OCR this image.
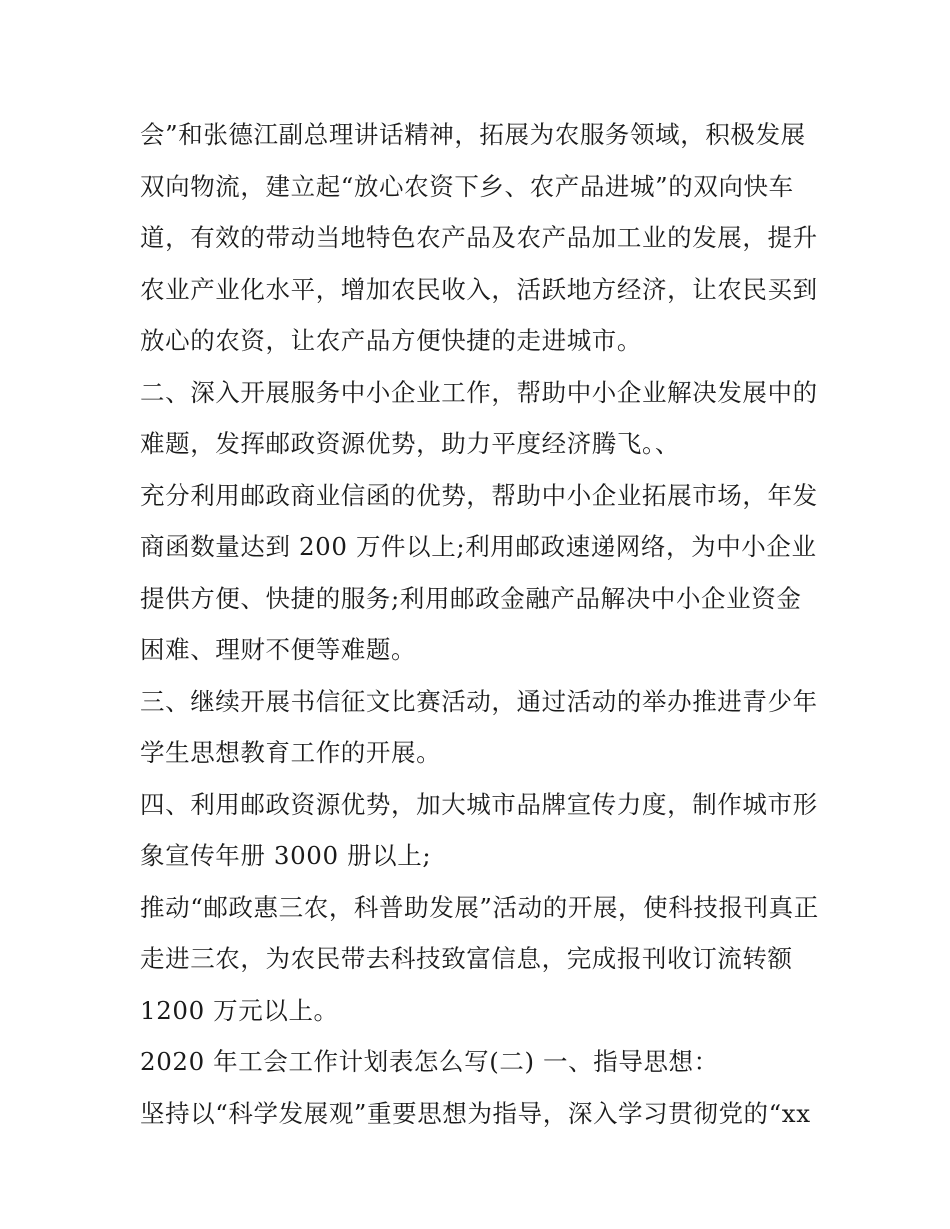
会”和张德江副总理讲话精神，拓展为农服务领域，积极发展

双向物流，建立起“放心农资下乡、农产品进城”的双向快车

道，有效的带动当地特色农产品及农产品加工业的发展，提升

农业产业化水平，增加农民收入，活跃地方经济，让农民买到

放心的农资，让农产品方便快捷的走进城市。

二、深入开展服务中小企业工作，帮助中小企业解决发展中的

难题，发挥邮政资源优势，助力平度经济腾飞。、

充分利用邮政商业信函的优势，帮助中小企业拓展市场，年发

商函数量达到 200 万件以上;利用邮政速递网络，为中小企业

提供方便、快捷的服务;利用邮政金融产品解决中小企业资金

困难、理财不便等难题。

三、继续开展书信征文比赛活动，通过活动的举办推进青少年

学生思想教育工作的开展。

四、利用邮政资源优势，加大城市品牌宣传力度，制作城市形

象宣传年册 3000 册以上;

推动“邮政惠三农，科普助发展”活动的开展，使科技报刊真正

走进三农，为农民带去科技致富信息，完成报刊收订流转额

1200 万元以上。

2020 年工会工作计划表怎么写(二) 一、指导思想：

坚持以“科学发展观”重要思想为指导，深入学习贯彻党的“xx
